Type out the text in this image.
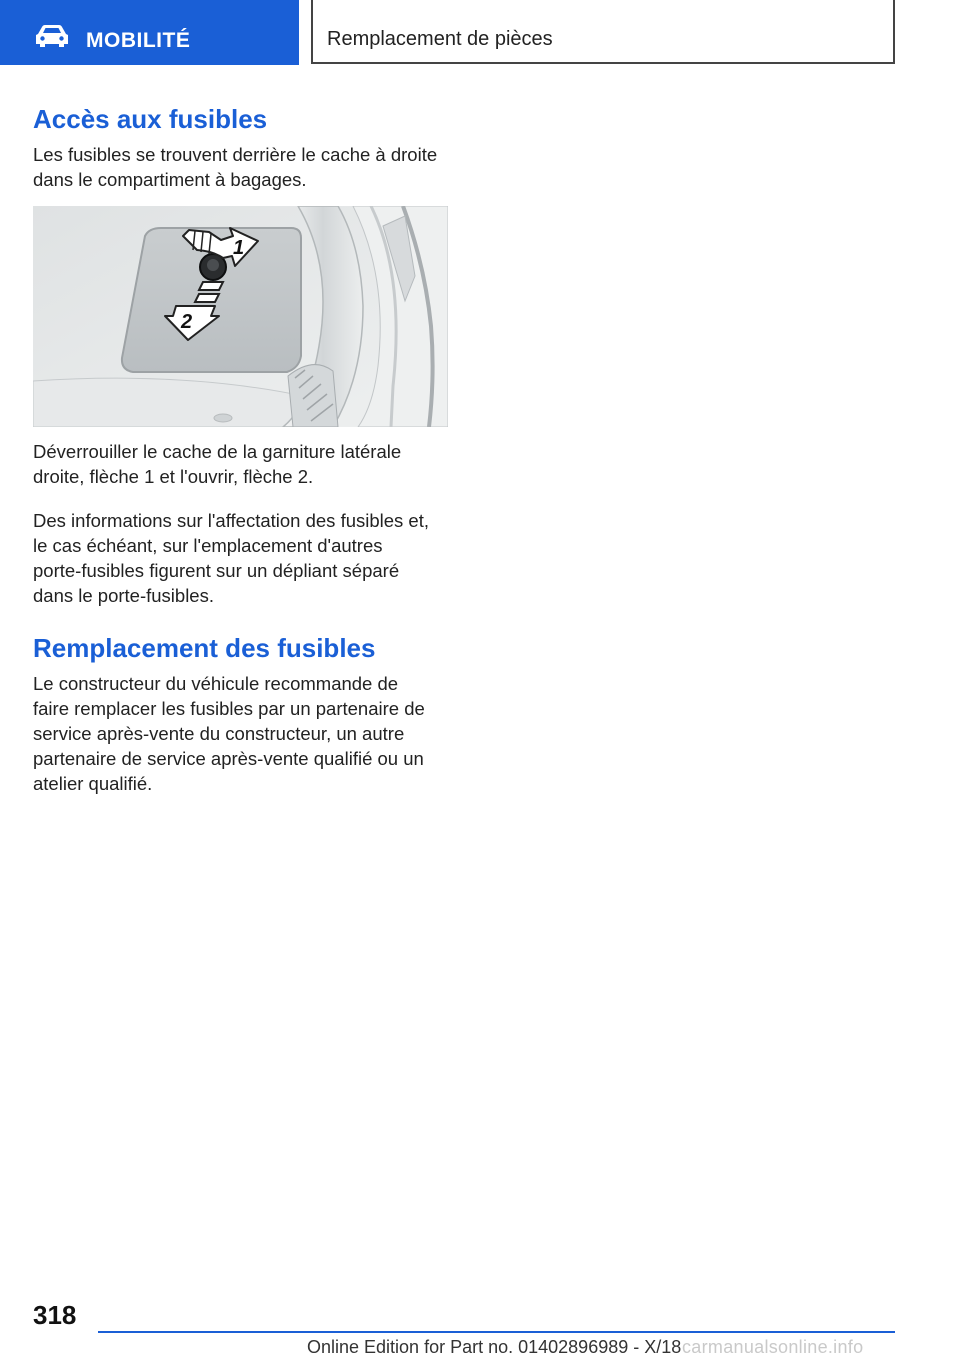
MOBILITÉ	Remplacement de pièces
Accès aux fusibles

Les fusibles se trouvent derrière le cache à droite
dans le compartiment à bagages.

1
2

Déverrouiller le cache de la garniture latérale
droite, flèche 1 et l'ouvrir, flèche 2.

Des informations sur l'affectation des fusibles et,
le cas échéant, sur l'emplacement d'autres
porte-fusibles figurent sur un dépliant séparé
dans le porte-fusibles.

Remplacement des fusibles

Le constructeur du véhicule recommande de
faire remplacer les fusibles par un partenaire de
service après-vente du constructeur, un autre
partenaire de service après-vente qualifié ou un
atelier qualifié.

318
Online Edition for Part no. 01402896989 - X/18 carmanualsonline.info
